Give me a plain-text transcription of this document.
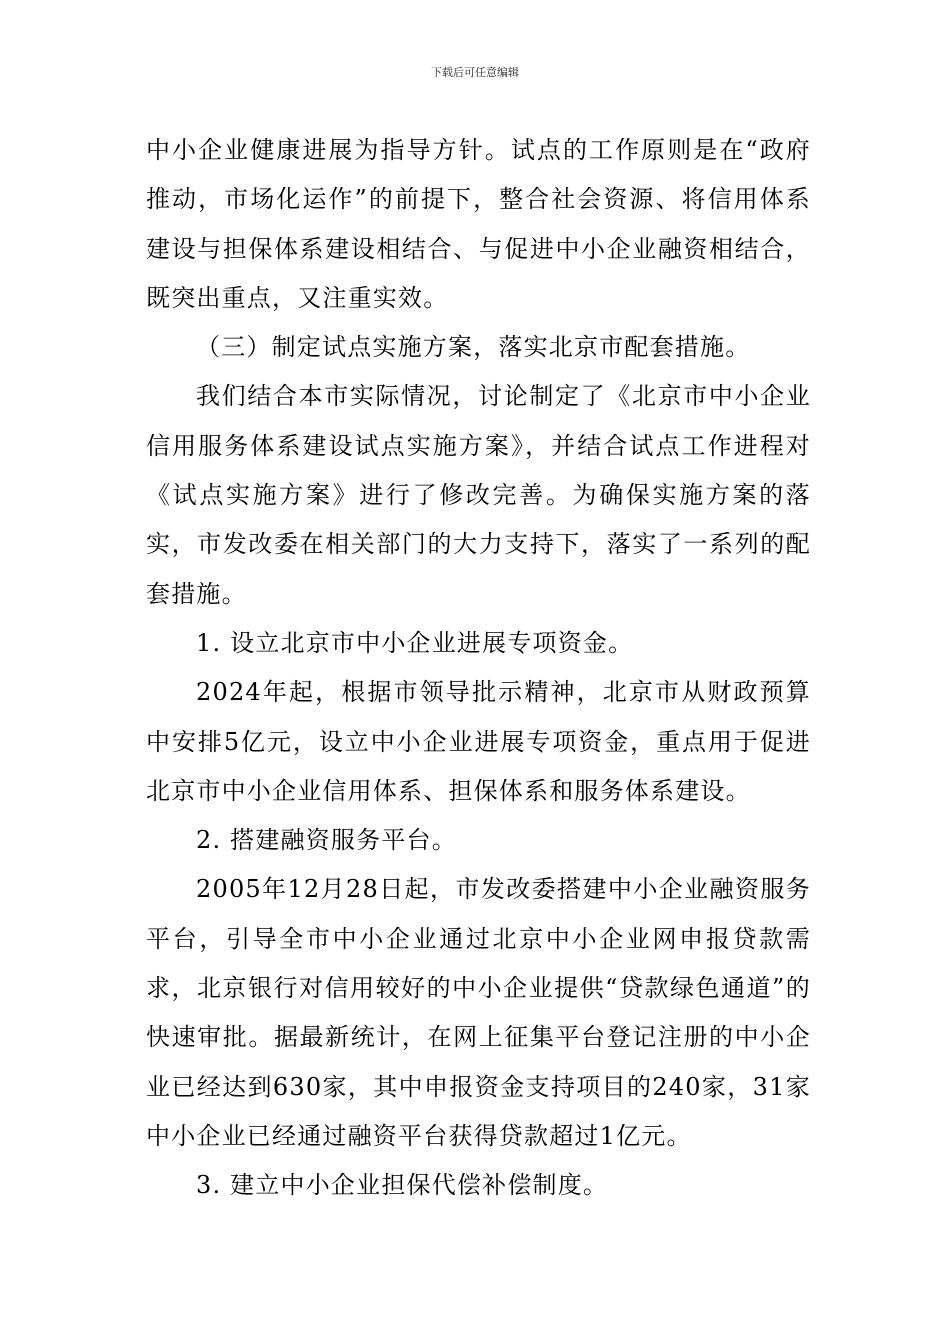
下载后可任意编辑

中小企业健康进展为指导方针。试点的工作原则是在“政府推动，市场化运作”的前提下，整合社会资源、将信用体系建设与担保体系建设相结合、与促进中小企业融资相结合，既突出重点，又注重实效。

（三）制定试点实施方案，落实北京市配套措施。

我们结合本市实际情况，讨论制定了《北京市中小企业信用服务体系建设试点实施方案》，并结合试点工作进程对《试点实施方案》进行了修改完善。为确保实施方案的落实，市发改委在相关部门的大力支持下，落实了一系列的配套措施。

1. 设立北京市中小企业进展专项资金。

2024年起，根据市领导批示精神，北京市从财政预算中安排5亿元，设立中小企业进展专项资金，重点用于促进北京市中小企业信用体系、担保体系和服务体系建设。

2. 搭建融资服务平台。

2005年12月28日起，市发改委搭建中小企业融资服务平台，引导全市中小企业通过北京中小企业网申报贷款需求，北京银行对信用较好的中小企业提供“贷款绿色通道”的快速审批。据最新统计，在网上征集平台登记注册的中小企业已经达到630家，其中申报资金支持项目的240家，31家中小企业已经通过融资平台获得贷款超过1亿元。

3. 建立中小企业担保代偿补偿制度。
